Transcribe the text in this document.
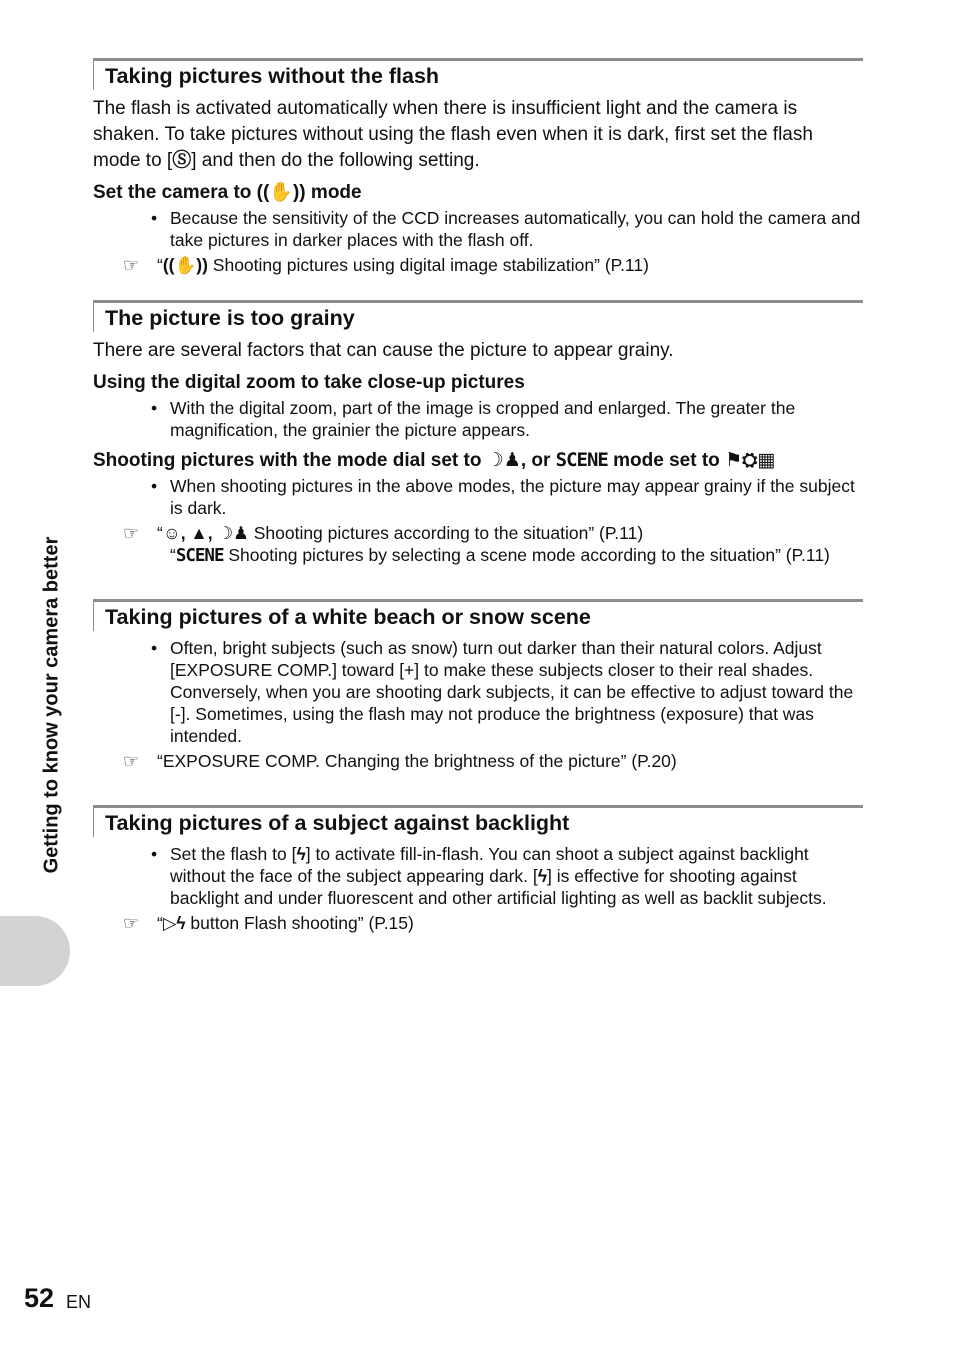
Getting to know your camera better
Taking pictures without the flash

The flash is activated automatically when there is insufficient light and the camera is shaken. To take pictures without using the flash even when it is dark, first set the flash mode to [Ⓢ] and then do the following setting.

Set the camera to ((✋)) mode

• Because the sensitivity of the CCD increases automatically, you can hold the camera and take pictures in darker places with the flash off.

☞ “((✋)) Shooting pictures using digital image stabilization” (P.11)

The picture is too grainy

There are several factors that can cause the picture to appear grainy.

Using the digital zoom to take close-up pictures

• With the digital zoom, part of the image is cropped and enlarged. The greater the magnification, the grainier the picture appears.

Shooting pictures with the mode dial set to ☽♟, or SCENE mode set to ⚑⛭▦

• When shooting pictures in the above modes, the picture may appear grainy if the subject is dark.

☞ “☺, ▲, ☽♟ Shooting pictures according to the situation” (P.11)

“SCENE Shooting pictures by selecting a scene mode according to the situation” (P.11)

Taking pictures of a white beach or snow scene

• Often, bright subjects (such as snow) turn out darker than their natural colors. Adjust [EXPOSURE COMP.] toward [+] to make these subjects closer to their real shades. Conversely, when you are shooting dark subjects, it can be effective to adjust toward the [-]. Sometimes, using the flash may not produce the brightness (exposure) that was intended.

☞ “EXPOSURE COMP. Changing the brightness of the picture” (P.20)

Taking pictures of a subject against backlight

• Set the flash to [ϟ] to activate fill-in-flash. You can shoot a subject against backlight without the face of the subject appearing dark. [ϟ] is effective for shooting against backlight and under fluorescent and other artificial lighting as well as backlit subjects.

☞ “▷ϟ button Flash shooting” (P.15)

52 EN
